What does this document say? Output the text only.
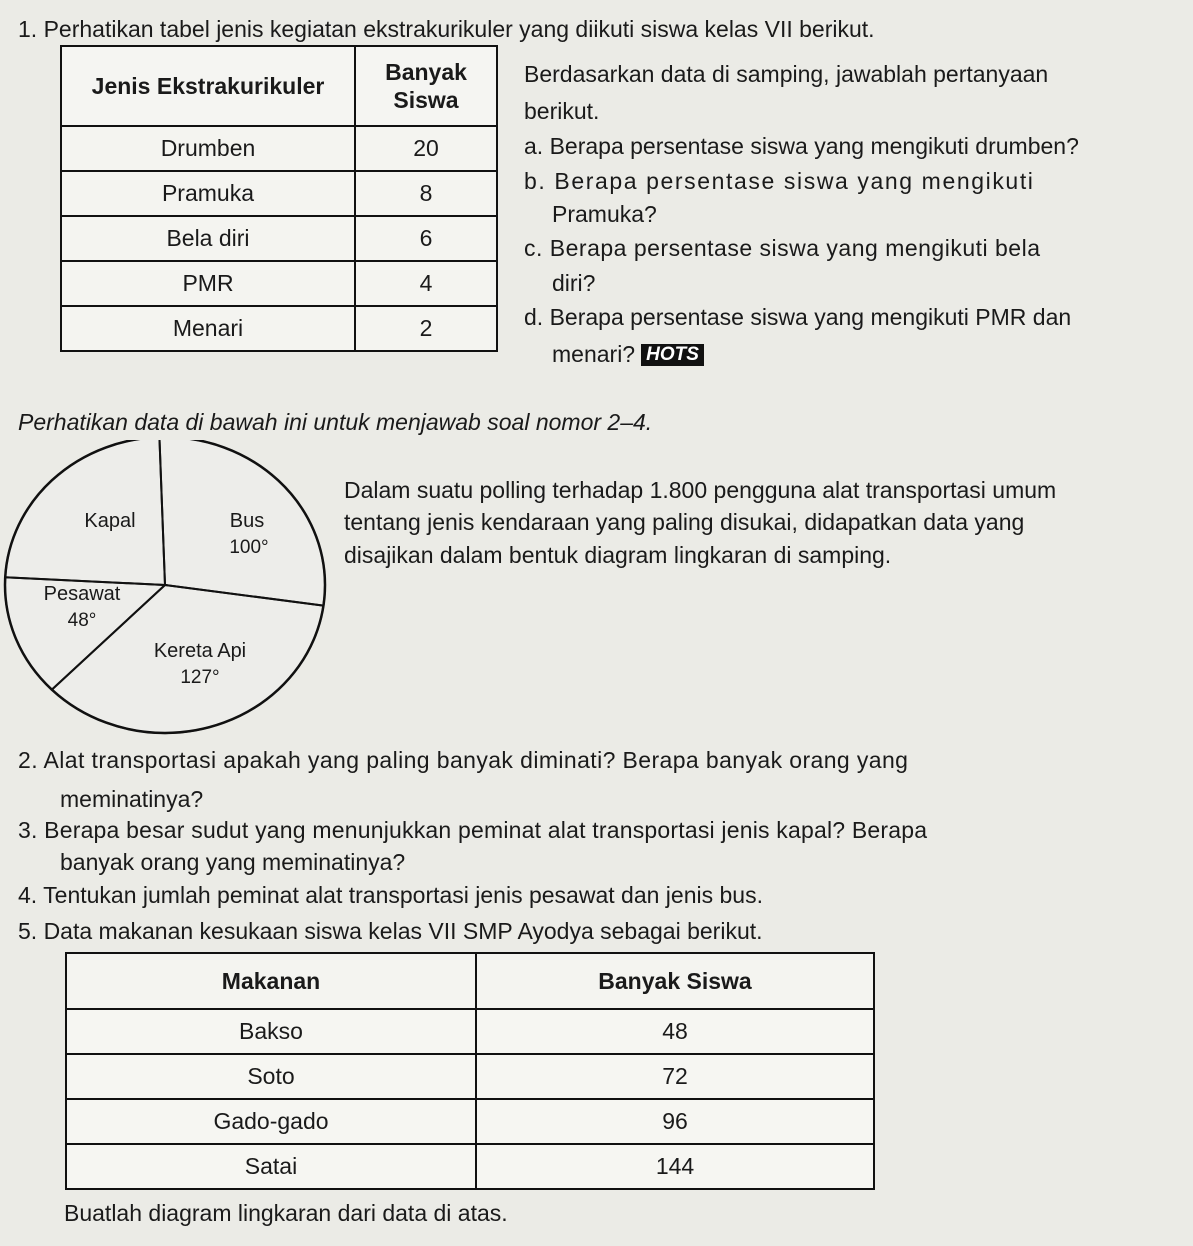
1. Perhatikan tabel jenis kegiatan ekstrakurikuler yang diikuti siswa kelas VII berikut.
Jenis Ekstrakurikuler	Banyak Siswa
Drumben	20
Pramuka	8
Bela diri	6
PMR	4
Menari	2
Berdasarkan data di samping, jawablah pertanyaan
berikut.
a. Berapa persentase siswa yang mengikuti drumben?
b. Berapa persentase siswa yang mengikuti
Pramuka?
c. Berapa persentase siswa yang mengikuti bela
diri?
d. Berapa persentase siswa yang mengikuti PMR dan
menari? HOTS
Perhatikan data di bawah ini untuk menjawab soal nomor 2–4.
Bus
100°
Kereta Api
127°
Pesawat
48°
Kapal
Dalam suatu polling terhadap 1.800 pengguna alat transportasi umum
tentang jenis kendaraan yang paling disukai, didapatkan data yang
disajikan dalam bentuk diagram lingkaran di samping.
2. Alat transportasi apakah yang paling banyak diminati? Berapa banyak orang yang
meminatinya?
3. Berapa besar sudut yang menunjukkan peminat alat transportasi jenis kapal? Berapa
banyak orang yang meminatinya?
4. Tentukan jumlah peminat alat transportasi jenis pesawat dan jenis bus.
5. Data makanan kesukaan siswa kelas VII SMP Ayodya sebagai berikut.
Makanan	Banyak Siswa
Bakso	48
Soto	72
Gado-gado	96
Satai	144
Buatlah diagram lingkaran dari data di atas.
